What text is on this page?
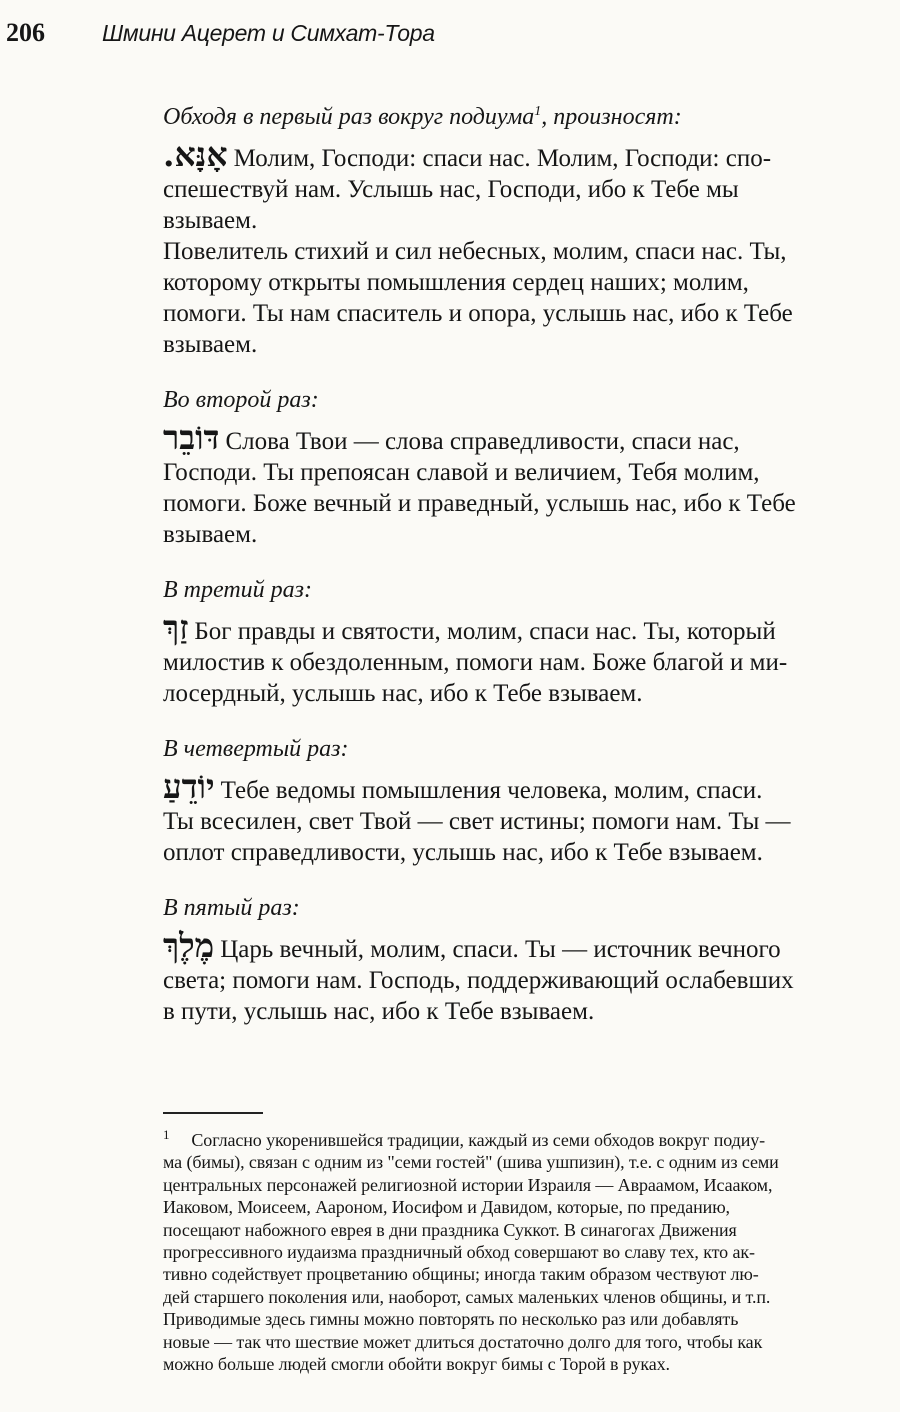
206 Шмини Ацерет и Симхат-Тора

Обходя в первый раз вокруг подиума$^1$, произносят:

אָנָּא. Молим, Господи: спаси нас. Молим, Господи: спо-
спешествуй нам. Услышь нас, Господи, ибо к Тебе мы
взываем.
Повелитель стихий и сил небесных, молим, спаси нас. Ты,
которому открыты помышления сердец наших; молим,
помоги. Ты нам спаситель и опора, услышь нас, ибо к Тебе
взываем.

Во второй раз:

דּוֹבֵר Слова Твои — слова справедливости, спаси нас,
Господи. Ты препоясан славой и величием, Тебя молим,
помоги. Боже вечный и праведный, услышь нас, ибо к Тебе
взываем.

В третий раз:

זַךְ Бог правды и святости, молим, спаси нас. Ты, который
милостив к обездоленным, помоги нам. Боже благой и ми-
лосердный, услышь нас, ибо к Тебе взываем.

В четвертый раз:

יוֹדֵעַ Тебе ведомы помышления человека, молим, спаси.
Ты всесилен, свет Твой — свет истины; помоги нам. Ты —
оплот справедливости, услышь нас, ибо к Тебе взываем.

В пятый раз:

מֶלֶךְ Царь вечный, молим, спаси. Ты — источник вечного
света; помоги нам. Господь, поддерживающий ослабевших
в пути, услышь нас, ибо к Тебе взываем.
$^1$ Согласно укоренившейся традиции, каждый из семи обходов вокруг подиу-
ма (бимы), связан с одним из "семи гостей" (шива ушпизин), т.е. с одним из семи
центральных персонажей религиозной истории Израиля — Авраамом, Исааком,
Иаковом, Моисеем, Аароном, Иосифом и Давидом, которые, по преданию,
посещают набожного еврея в дни праздника Суккот. В синагогах Движения
прогрессивного иудаизма праздничный обход совершают во славу тех, кто ак-
тивно содействует процветанию общины; иногда таким образом чествуют лю-
дей старшего поколения или, наоборот, самых маленьких членов общины, и т.п.
Приводимые здесь гимны можно повторять по несколько раз или добавлять
новые — так что шествие может длиться достаточно долго для того, чтобы как
можно больше людей смогли обойти вокруг бимы с Торой в руках.
